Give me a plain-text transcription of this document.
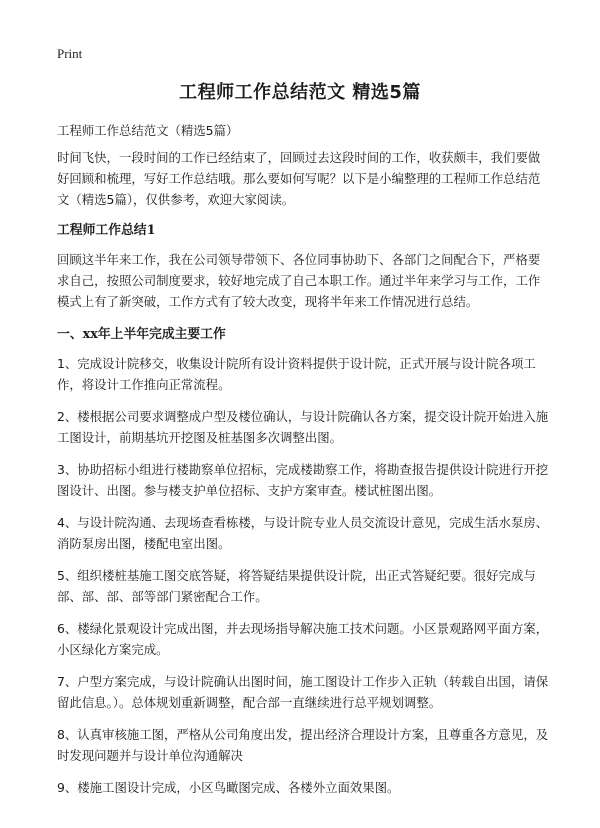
Print
工程师工作总结范文 精选5篇

工程师工作总结范文（精选5篇）

时间飞快，一段时间的工作已经结束了，回顾过去这段时间的工作，收获颇丰，我们要做好回顾和梳理，写好工作总结哦。那么要如何写呢？以下是小编整理的工程师工作总结范文（精选5篇），仅供参考，欢迎大家阅读。

工程师工作总结1

回顾这半年来工作，我在公司领导带领下、各位同事协助下、各部门之间配合下，严格要求自己，按照公司制度要求，较好地完成了自己本职工作。通过半年来学习与工作，工作模式上有了新突破，工作方式有了较大改变，现将半年来工作情况进行总结。

一、xx年上半年完成主要工作

1、完成设计院移交，收集设计院所有设计资料提供于设计院，正式开展与设计院各项工作，将设计工作推向正常流程。

2、楼根据公司要求调整成户型及楼位确认，与设计院确认各方案，提交设计院开始进入施工图设计，前期基坑开挖图及桩基图多次调整出图。

3、协助招标小组进行楼勘察单位招标，完成楼勘察工作，将勘查报告提供设计院进行开挖图设计、出图。参与楼支护单位招标、支护方案审查。楼试桩图出图。

4、与设计院沟通、去现场查看栋楼，与设计院专业人员交流设计意见，完成生活水泵房、消防泵房出图，楼配电室出图。

5、组织楼桩基施工图交底答疑，将答疑结果提供设计院，出正式答疑纪要。很好完成与部、部、部、部等部门紧密配合工作。

6、楼绿化景观设计完成出图，并去现场指导解决施工技术问题。小区景观路网平面方案，小区绿化方案完成。

7、户型方案完成，与设计院确认出图时间，施工图设计工作步入正轨（转载自出国，请保留此信息。）。总体规划重新调整，配合部一直继续进行总平规划调整。

8、认真审核施工图，严格从公司角度出发，提出经济合理设计方案，且尊重各方意见，及时发现问题并与设计单位沟通解决

9、楼施工图设计完成，小区鸟瞰图完成、各楼外立面效果图。
